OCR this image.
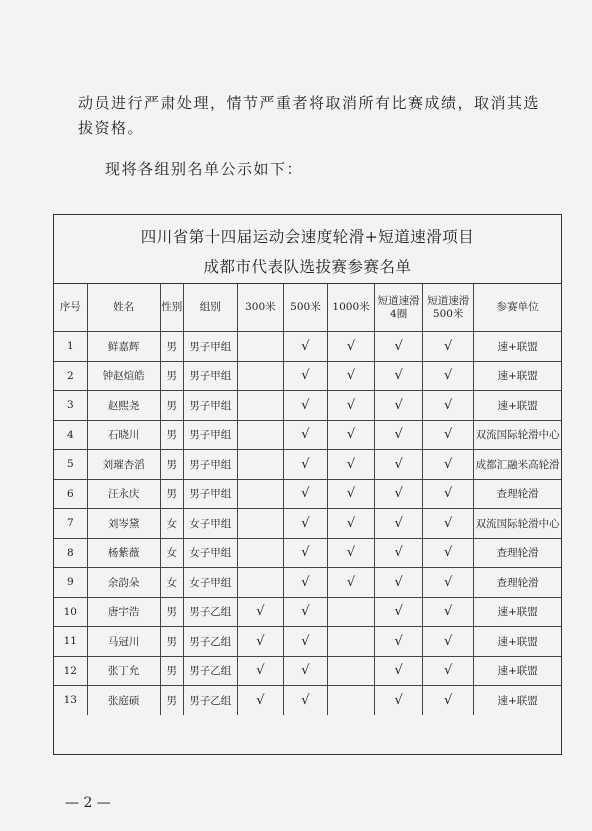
动员进行严肃处理，情节严重者将取消所有比赛成绩，取消其选
拔资格。
现将各组别名单公示如下：
四川省第十四届运动会速度轮滑+短道速滑项目
成都市代表队选拔赛参赛名单
序号	姓名	性别	组别	300米	500米	1000米	短道速滑4圈	短道速滑500米	参赛单位
1	鲜嘉辉	男	男子甲组		√	√	√	√	速+联盟
2	钟赵煊皓	男	男子甲组		√	√	√	√	速+联盟
3	赵熙尧	男	男子甲组		√	√	√	√	速+联盟
4	石晓川	男	男子甲组		√	√	√	√	双流国际轮滑中心
5	刘璀杏滔	男	男子甲组		√	√	√	√	成都汇融米高轮滑
6	汪永庆	男	男子甲组		√	√	√	√	查理轮滑
7	刘岑黛	女	女子甲组		√	√	√	√	双流国际轮滑中心
8	杨紫薇	女	女子甲组		√	√	√	√	查理轮滑
9	余韵朵	女	女子甲组		√	√	√	√	查理轮滑
10	唐宇浩	男	男子乙组	√	√		√	√	速+联盟
11	马冠川	男	男子乙组	√	√		√	√	速+联盟
12	张丁允	男	男子乙组	√	√		√	√	速+联盟
13	张庭硕	男	男子乙组	√	√		√	√	速+联盟
— 2 —
